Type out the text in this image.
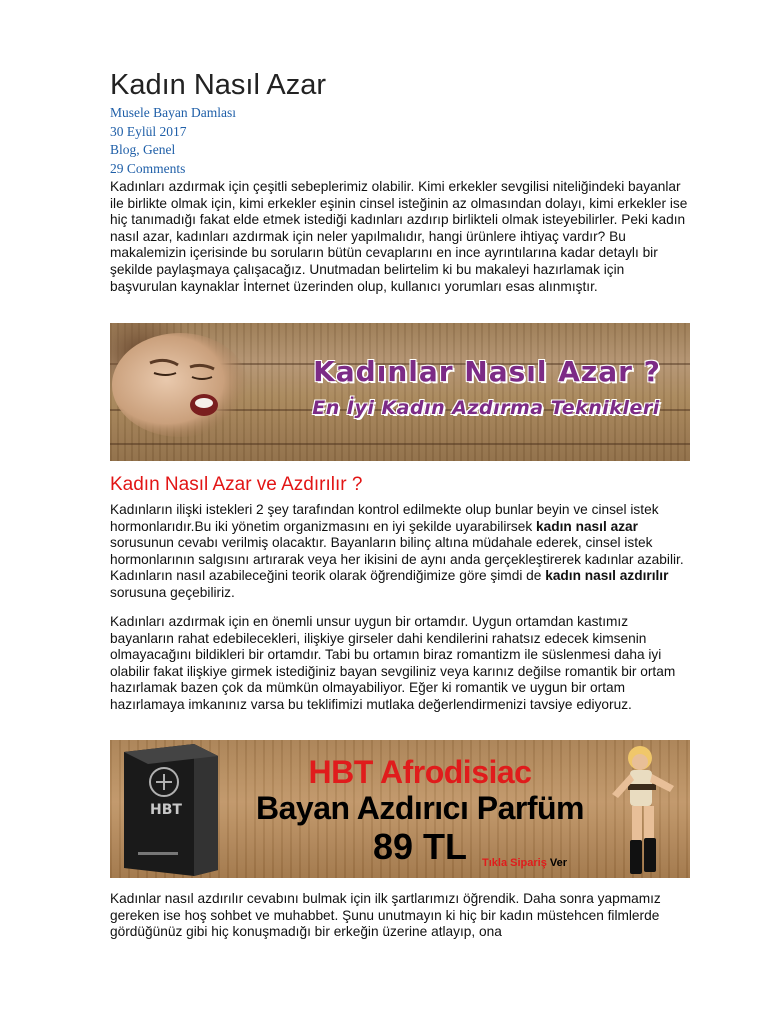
Kadın Nasıl Azar
Musele Bayan Damlası
30 Eylül 2017
Blog, Genel
29 Comments

Kadınları azdırmak için çeşitli sebeplerimiz olabilir. Kimi erkekler sevgilisi niteliğindeki bayanlar ile birlikte olmak için, kimi erkekler eşinin cinsel isteğinin az olmasından dolayı, kimi erkekler ise hiç tanımadığı fakat elde etmek istediği kadınları azdırıp birlikteli olmak isteyebilirler. Peki kadın nasıl azar, kadınları azdırmak için neler yapılmalıdır, hangi ürünlere ihtiyaç vardır? Bu makalemizin içerisinde bu soruların bütün cevaplarını en ince ayrıntılarına kadar detaylı bir şekilde paylaşmaya çalışacağız. Unutmadan belirtelim ki bu makaleyi hazırlamak için başvurulan kaynaklar İnternet üzerinden olup, kullanıcı yorumları esas alınmıştır.

Kadınlar Nasıl Azar ?
En İyi Kadın Azdırma Teknikleri
Kadın Nasıl Azar ve Azdırılır ?

Kadınların ilişki istekleri 2 şey tarafından kontrol edilmekte olup bunlar beyin ve cinsel istek hormonlarıdır.Bu iki yönetim organizmasını en iyi şekilde uyarabilirsek kadın nasıl azar sorusunun cevabı verilmiş olacaktır. Bayanların bilinç altına müdahale ederek, cinsel istek hormonlarının salgısını artırarak veya her ikisini de aynı anda gerçekleştirerek kadınlar azabilir. Kadınların nasıl azabileceğini teorik olarak öğrendiğimize göre şimdi de kadın nasıl azdırılır sorusuna geçebiliriz.

Kadınları azdırmak için en önemli unsur uygun bir ortamdır. Uygun ortamdan kastımız bayanların rahat edebilecekleri, ilişkiye girseler dahi kendilerini rahatsız edecek kimsenin olmayacağını bildikleri bir ortamdır. Tabi bu ortamın biraz romantizm ile süslenmesi daha iyi olabilir fakat ilişkiye girmek istediğiniz bayan sevgiliniz veya karınız değilse romantik bir ortam hazırlamak bazen çok da mümkün olmayabiliyor. Eğer ki romantik ve uygun bir ortam hazırlamaya imkanınız varsa bu teklifimizi mutlaka değerlendirmenizi tavsiye ediyoruz.

HBT
HBT Afrodisiac
Bayan Azdırıcı Parfüm
89 TL	Tıkla Sipariş Ver

Kadınlar nasıl azdırılır cevabını bulmak için ilk şartlarımızı öğrendik. Daha sonra yapmamız gereken ise hoş sohbet ve muhabbet. Şunu unutmayın ki hiç bir kadın müstehcen filmlerde gördüğünüz gibi hiç konuşmadığı bir erkeğin üzerine atlayıp, ona
